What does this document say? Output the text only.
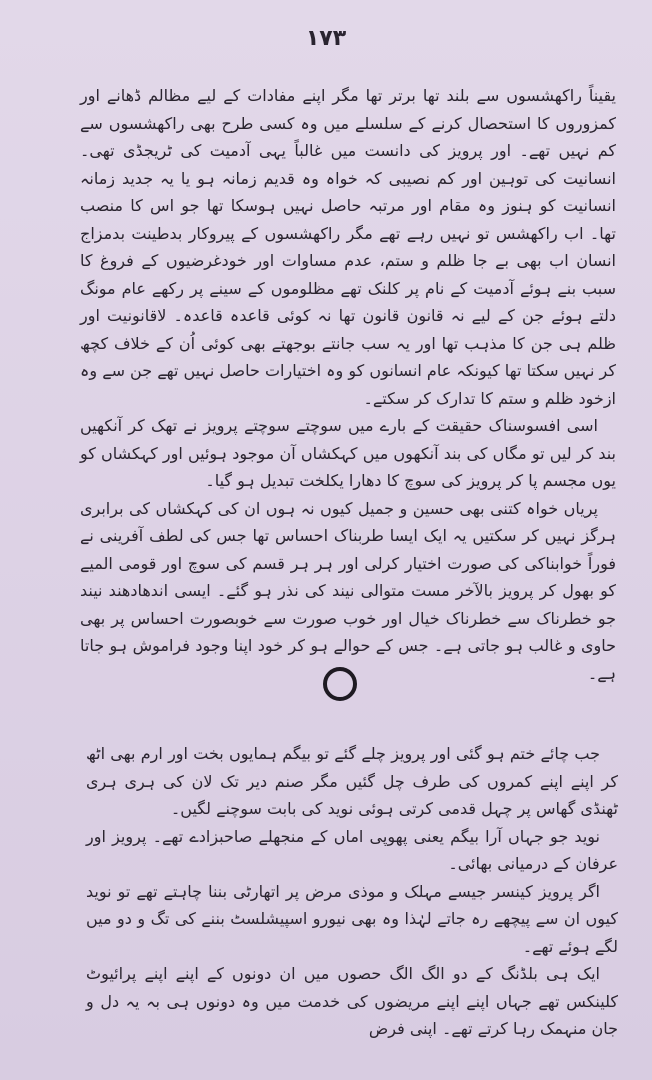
١٧٣

یقیناً راکھشسوں سے بلند تھا برتر تھا مگر اپنے مفادات کے لیے مظالم ڈھانے اور کمزوروں کا استحصال کرنے کے سلسلے میں وہ کسی طرح بھی راکھشسوں سے کم نہیں تھے۔ اور پرویز کی دانست میں غالباً یہی آدمیت کی ٹریجڈی تھی۔ انسانیت کی توہین اور کم نصیبی کہ خواہ وہ قدیم زمانہ ہو یا یہ جدید زمانہ انسانیت کو ہنوز وہ مقام اور مرتبہ حاصل نہیں ہوسکا تھا جو اس کا منصب تھا۔ اب راکھشس تو نہیں رہے تھے مگر راکھشسوں کے پیروکار بدطینت بدمزاج انسان اب بھی بے جا ظلم و ستم، عدم مساوات اور خودغرضیوں کے فروغ کا سبب بنے ہوئے آدمیت کے نام پر کلنک تھے مظلوموں کے سینے پر رکھے عام مونگ دلتے ہوئے جن کے لیے نہ قانون قانون تھا نہ کوئی قاعدہ قاعدہ۔ لاقانونیت اور ظلم ہی جن کا مذہب تھا اور یہ سب جانتے بوجھتے بھی کوئی اُن کے خلاف کچھ کر نہیں سکتا تھا کیونکہ عام انسانوں کو وہ اختیارات حاصل نہیں تھے جن سے وہ ازخود ظلم و ستم کا تدارک کر سکتے۔

اسی افسوسناک حقیقت کے بارے میں سوچتے سوچتے پرویز نے تھک کر آنکھیں بند کر لیں تو مگاں کی بند آنکھوں میں کہکشاں آن موجود ہوئیں اور کہکشاں کو یوں مجسم پا کر پرویز کی سوچ کا دھارا یکلخت تبدیل ہو گیا۔

پریاں خواہ کتنی بھی حسین و جمیل کیوں نہ ہوں ان کی کہکشاں کی برابری ہرگز نہیں کر سکتیں یہ ایک ایسا طربناک احساس تھا جس کی لطف آفرینی نے فوراً خوابناکی کی صورت اختیار کرلی اور ہر ہر قسم کی سوچ اور قومی المیے کو بھول کر پرویز بالآخر مست متوالی نیند کی نذر ہو گئے۔ ایسی اندھادھند نیند جو خطرناک سے خطرناک خیال اور خوب صورت سے خوبصورت احساس پر بھی حاوی و غالب ہو جاتی ہے۔ جس کے حوالے ہو کر خود اپنا وجود فراموش ہو جاتا ہے۔

جب چائے ختم ہو گئی اور پرویز چلے گئے تو بیگم ہمایوں بخت اور ارم بھی اٹھ کر اپنے اپنے کمروں کی طرف چل گئیں مگر صنم دیر تک لان کی ہری ہری ٹھنڈی گھاس پر چہل قدمی کرتی ہوئی نوید کی بابت سوچنے لگیں۔

نوید جو جہاں آرا بیگم یعنی پھوپی اماں کے منجھلے صاحبزادے تھے۔ پرویز اور عرفان کے درمیانی بھائی۔

اگر پرویز کینسر جیسے مہلک و موذی مرض پر اتھارٹی بننا چاہتے تھے تو نوید کیوں ان سے پیچھے رہ جاتے لہٰذا وہ بھی نیورو اسپیشلسٹ بننے کی تگ و دو میں لگے ہوئے تھے۔

ایک ہی بلڈنگ کے دو الگ الگ حصوں میں ان دونوں کے اپنے اپنے پرائیوٹ کلینکس تھے جہاں اپنے اپنے مریضوں کی خدمت میں وہ دونوں ہی بہ یہ دل و جان منہمک رہا کرتے تھے۔ اپنی فرض
